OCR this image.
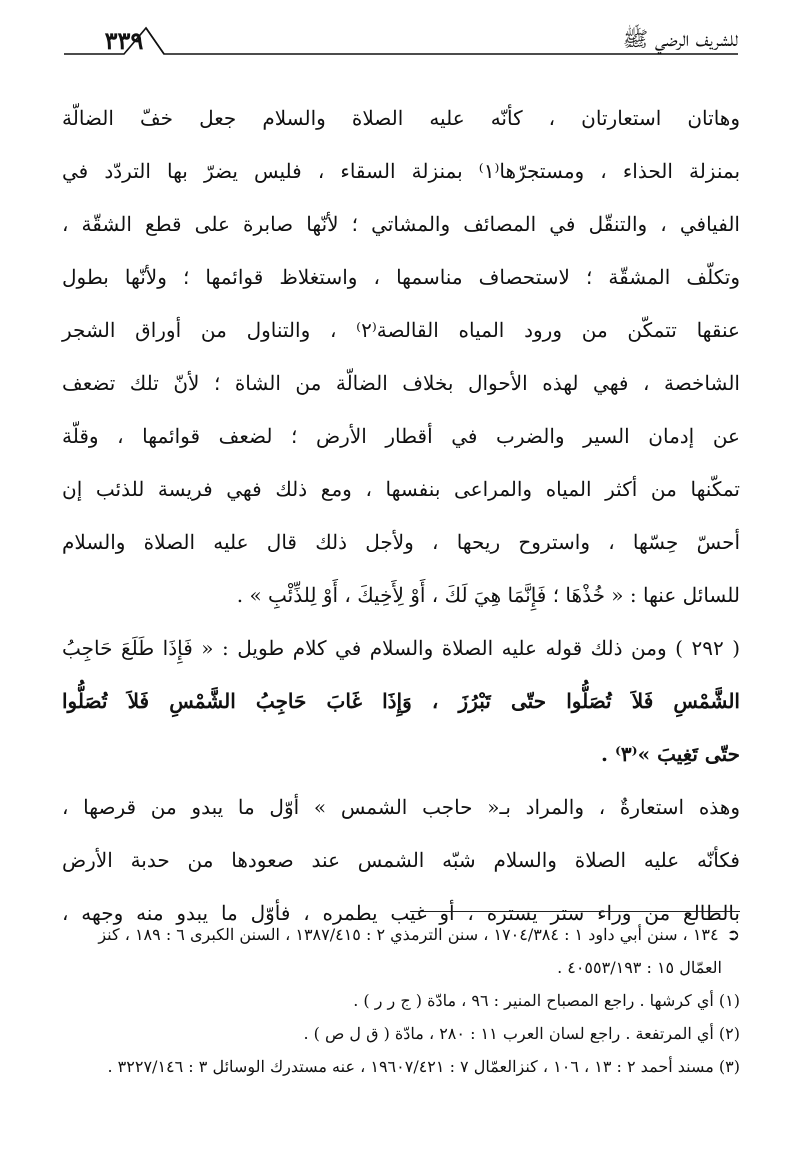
٣٣٩	للشريف الرضي ﷺ
وهاتان استعارتان ، كأنّه عليه الصلاة والسلام جعل خفّ الضالّة
بمنزلة الحذاء ، ومستجرّها⁽١⁾ بمنزلة السقاء ، فليس يضرّ بها التردّد في
الفيافي ، والتنقّل في المصائف والمشاتي ؛ لأنّها صابرة على قطع الشقّة ،
وتكلّف المشقّة ؛ لاستحصاف مناسمها ، واستغلاظ قوائمها ؛ ولأنّها بطول
عنقها تتمكّن من ورود المياه القالصة⁽٢⁾ ، والتناول من أوراق الشجر
الشاخصة ، فهي لهذه الأحوال بخلاف الضالّة من الشاة ؛ لأنّ تلك تضعف
عن إدمان السير والضرب في أقطار الأرض ؛ لضعف قوائمها ، وقلّة
تمكّنها من أكثر المياه والمراعى بنفسها ، ومع ذلك فهي فريسة للذئب إن
أحسّ حِسّها ، واستروح ريحها ، ولأجل ذلك قال عليه الصلاة والسلام
للسائل عنها : « خُذْهَا ؛ فَإِنَّمَا هِيَ لَكَ ، أَوْ لِأَخِيكَ ، أَوْ لِلذِّئْبِ » .
( ٢٩٢ ) ومن ذلك قوله عليه الصلاة والسلام في كلام طويل : « فَإِذَا طَلَعَ حَاجِبُ
الشَّمْسِ فَلاَ تُصَلُّوا حتّى تَبْرُزَ ، وَإِذَا غَابَ حَاجِبُ الشَّمْسِ فَلاَ تُصَلُّوا
حتّى تَغِيبَ »⁽٣⁾ .
وهذه استعارةٌ ، والمراد بـ« حاجب الشمس » أوّل ما يبدو من قرصها ،
فكأنّه عليه الصلاة والسلام شبّه الشمس عند صعودها من حدبة الأرض
بالطالع من وراء ستر يستره ، أو غيب يطمره ، فأوّل ما يبدو منه وجهه ،
➲١٣٤ ، سنن أبي داود ١ : ١٧٠٤/٣٨٤ ، سنن الترمذي ٢ : ١٣٨٧/٤١٥ ، السنن الكبرى ٦ : ١٨٩ ، كنز
العمّال ١٥ : ٤٠٥٥٣/١٩٣ .
(١) أي كرشها . راجع المصباح المنير : ٩٦ ، مادّة ( ج ر ر ) .
(٢) أي المرتفعة . راجع لسان العرب ١١ : ٢٨٠ ، مادّة ( ق ل ص ) .
(٣) مسند أحمد ٢ : ١٣ ، ١٠٦ ، كنزالعمّال ٧ : ١٩٦٠٧/٤٢١ ، عنه مستدرك الوسائل ٣ : ٣٢٢٧/١٤٦ .
